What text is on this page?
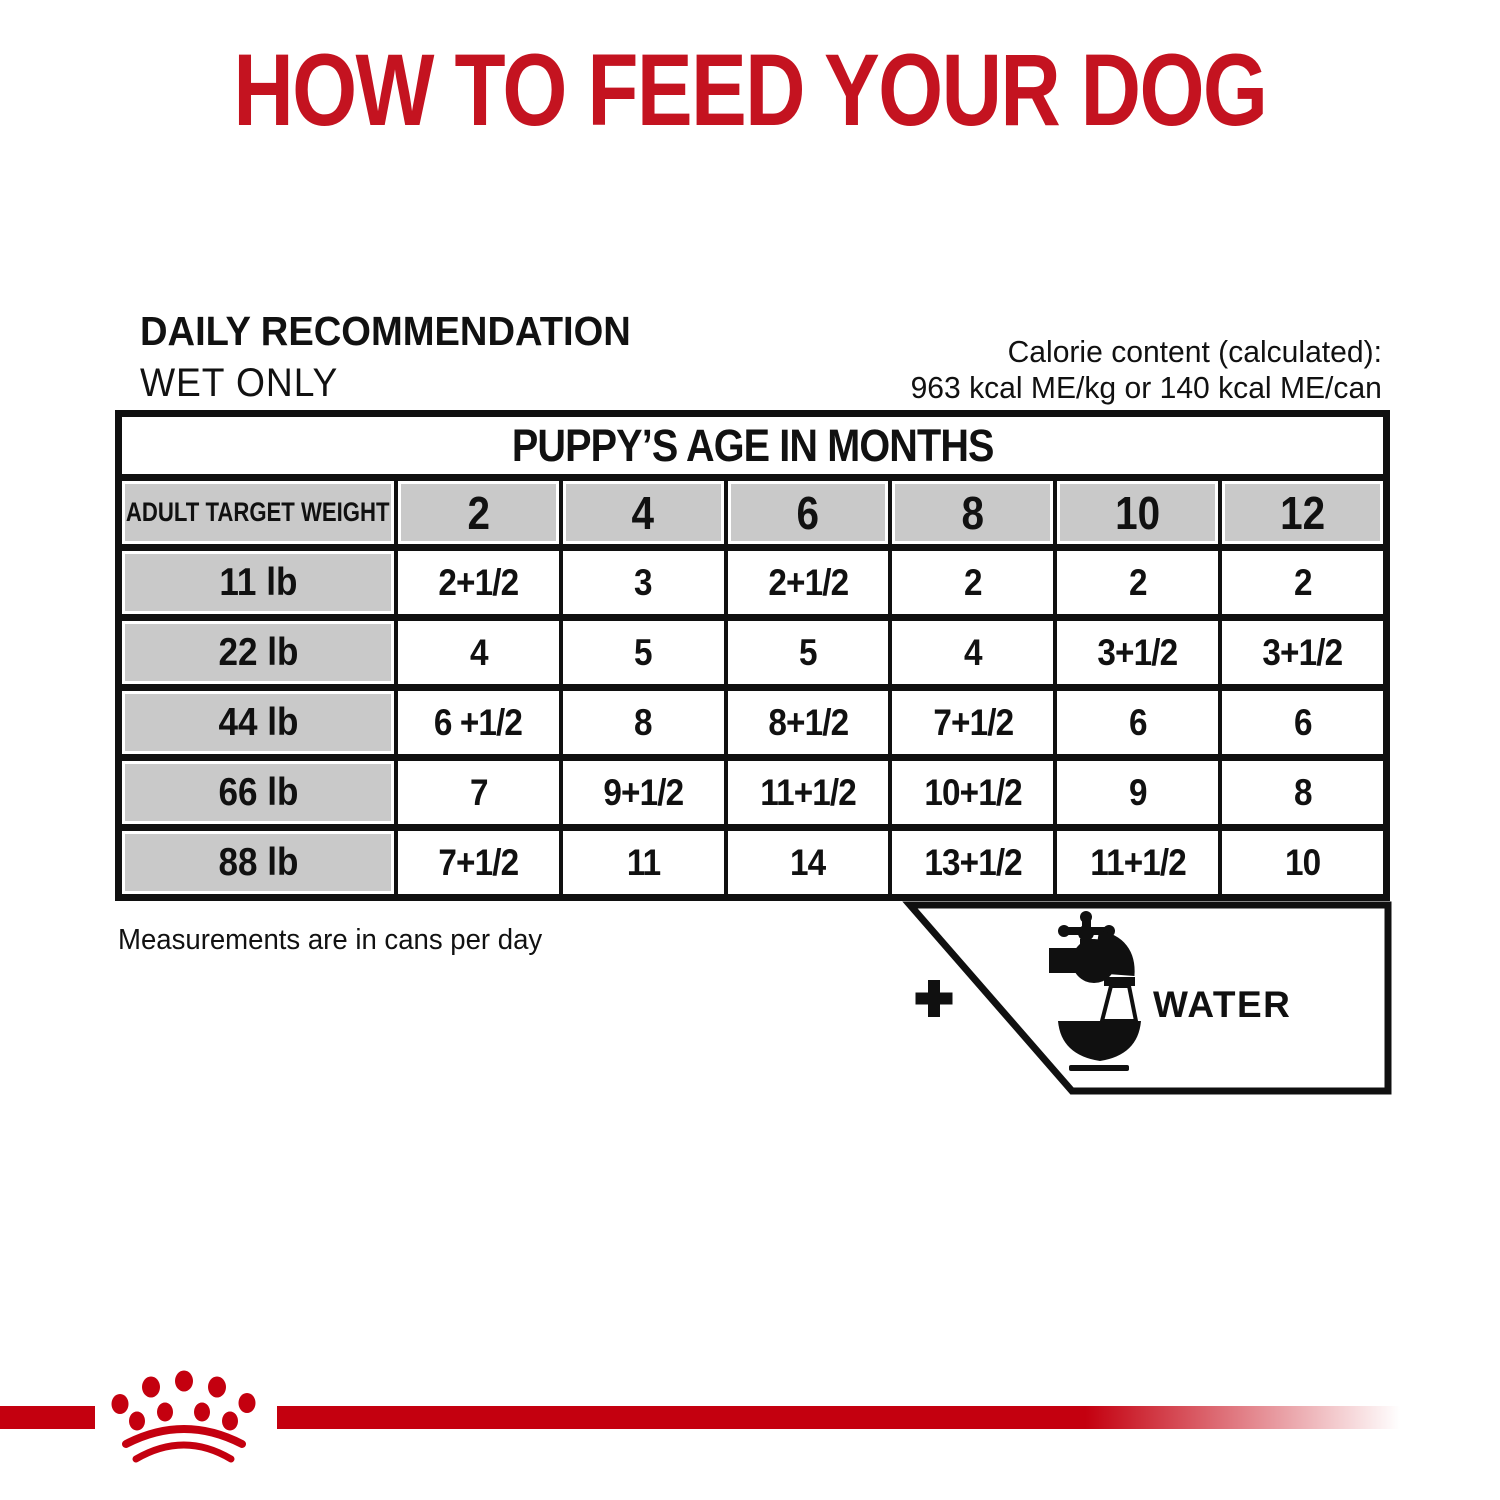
HOW TO FEED YOUR DOG
DAILY RECOMMENDATION
WET ONLY
Calorie content (calculated):
963 kcal ME/kg or 140 kcal ME/can
PUPPY’S AGE IN MONTHS
ADULT TARGET WEIGHT 2	4	6	8	10	12
11 lb	2+1/2	3	2+1/2	2	2	2
22 lb	4	5	5	4	3+1/2 3+1/2
44 lb	6 +1/2	8	8+1/2 7+1/2	6	6
66 lb	7	9+1/2 11+1/2 10+1/2	9	8
88 lb	7+1/2	11	14	13+1/2 11+1/2	10
Measurements are in cans per day
WATER
